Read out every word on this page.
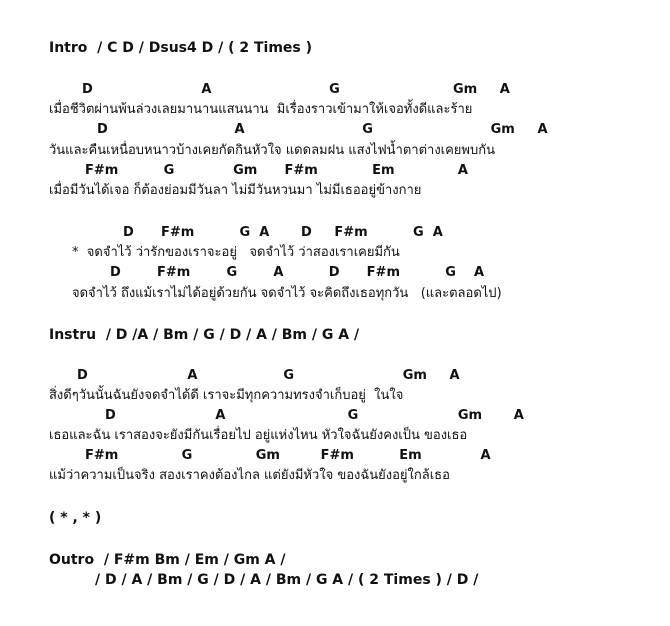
Intro  / C D / Dsus4 D / ( 2 Times )
D                        A                          G                         Gm     A
เมื่อชีวิตผ่านพ้นล่วงเลยมานานแสนนาน  มิเรื่องราวเข้ามาให้เจอทั้งดีและร้าย
D                            A                          G                          Gm     A
วันและคืนเหนื่อบหนาวบ้างเคยกัดกินหัวใจ แดดลมฝน แสงไฟน้ำตาต่างเคยพบกัน
F#m          G             Gm      F#m            Em              A
เมื่อมีวันได้เจอ ก็ต้องย่อมมีวันลา ไม่มีวันหวนมา ไม่มีเธออยู่ข้างกาย
D      F#m          G  A       D     F#m          G  A
*  จดจำไว้ ว่ารักของเราจะอยู่   จดจำไว้ ว่าสองเราเคยมีกัน
D        F#m        G        A          D      F#m          G    A
จดจำไว้ ถึงแม้เราไม่ได้อยู่ด้วยกัน จดจำไว้ จะคิดถึงเธอทุกวัน   (และตลอดไป)
Instru  / D /A / Bm / G / D / A / Bm / G A /
D                      A                   G                        Gm     A
สิ่งดีๆวันนั้นฉันยังจดจำได้ดี เราจะมีทุกความทรงจำเก็บอยู่  ในใจ
D                      A                           G                      Gm       A
เธอและฉัน เราสองจะยังมีกันเรื่อยไป อยู่แห่งไหน หัวใจฉันยังคงเป็น ของเธอ
F#m              G              Gm         F#m          Em             A
แม้ว่าความเป็นจริง สองเราคงต้องไกล แต่ยังมีหัวใจ ของฉันยังอยู่ใกล้เธอ
( * , * )
Outro  / F#m Bm / Em / Gm A /
/ D / A / Bm / G / D / A / Bm / G A / ( 2 Times ) / D /
